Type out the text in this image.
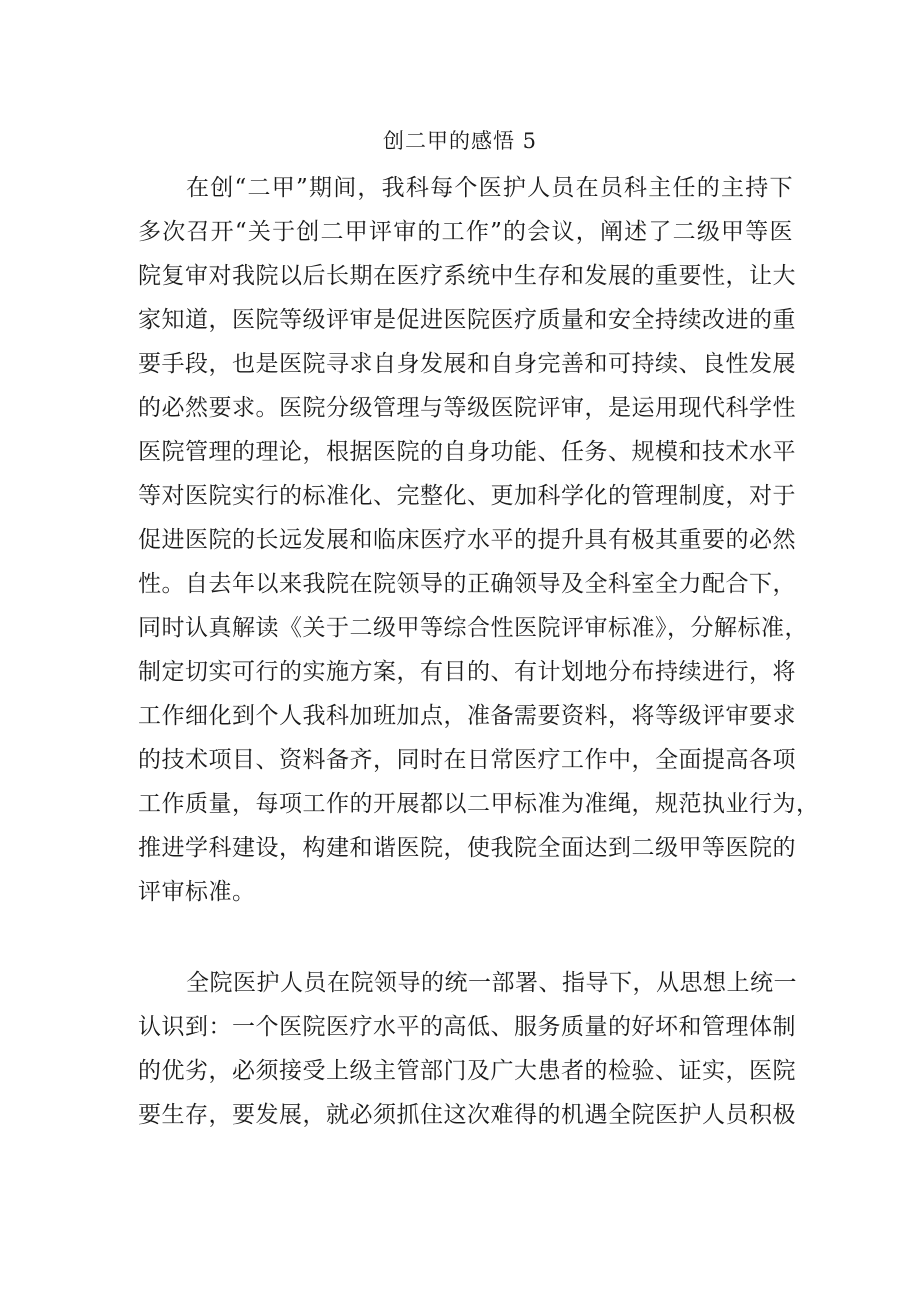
创二甲的感悟 5

在创“二甲”期间，我科每个医护人员在员科主任的主持下
多次召开“关于创二甲评审的工作”的会议，阐述了二级甲等医
院复审对我院以后长期在医疗系统中生存和发展的重要性，让大
家知道，医院等级评审是促进医院医疗质量和安全持续改进的重
要手段，也是医院寻求自身发展和自身完善和可持续、良性发展
的必然要求。医院分级管理与等级医院评审，是运用现代科学性
医院管理的理论，根据医院的自身功能、任务、规模和技术水平
等对医院实行的标准化、完整化、更加科学化的管理制度，对于
促进医院的长远发展和临床医疗水平的提升具有极其重要的必然
性。自去年以来我院在院领导的正确领导及全科室全力配合下，
同时认真解读《关于二级甲等综合性医院评审标准》，分解标准，
制定切实可行的实施方案，有目的、有计划地分布持续进行，将
工作细化到个人我科加班加点，准备需要资料，将等级评审要求
的技术项目、资料备齐，同时在日常医疗工作中，全面提高各项
工作质量，每项工作的开展都以二甲标准为准绳，规范执业行为，
推进学科建设，构建和谐医院，使我院全面达到二级甲等医院的
评审标准。

全院医护人员在院领导的统一部署、指导下，从思想上统一
认识到：一个医院医疗水平的高低、服务质量的好坏和管理体制
的优劣，必须接受上级主管部门及广大患者的检验、证实，医院
要生存，要发展，就必须抓住这次难得的机遇全院医护人员积极
